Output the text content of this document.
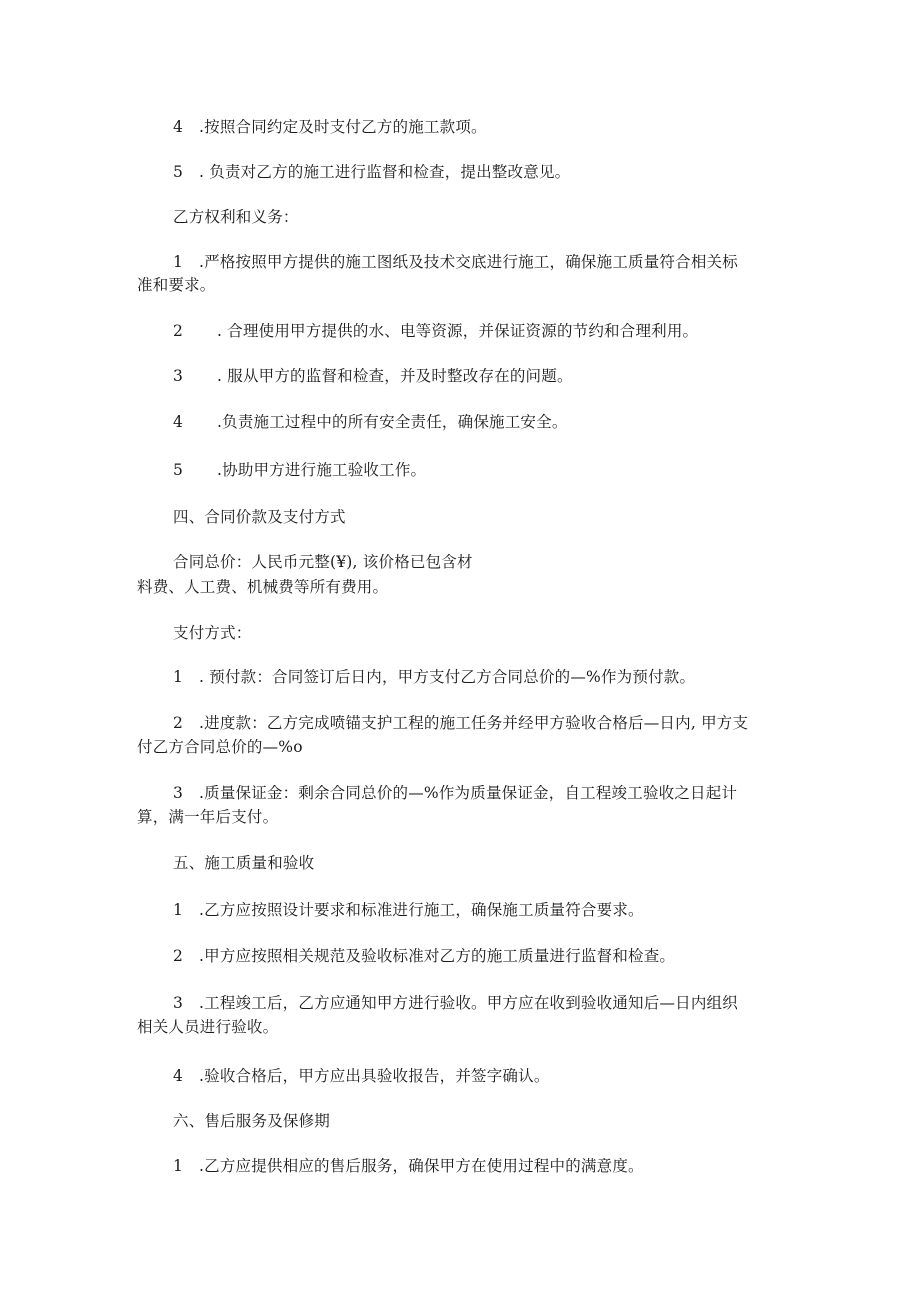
4 .按照合同约定及时支付乙方的施工款项。

5 . 负责对乙方的施工进行监督和检查，提出整改意见。

乙方权利和义务：

1 .严格按照甲方提供的施工图纸及技术交底进行施工，确保施工质量符合相关标

准和要求。

2 . 合理使用甲方提供的水、电等资源，并保证资源的节约和合理利用。

3 . 服从甲方的监督和检查，并及时整改存在的问题。

4 .负责施工过程中的所有安全责任，确保施工安全。

5 .协助甲方进行施工验收工作。

四、合同价款及支付方式

合同总价：人民币元整(¥), 该价格已包含材

料费、人工费、机械费等所有费用。

支付方式：

1 . 预付款：合同签订后日内，甲方支付乙方合同总价的—%作为预付款。

2 .进度款：乙方完成喷锚支护工程的施工任务并经甲方验收合格后—日内, 甲方支

付乙方合同总价的—%o

3 .质量保证金：剩余合同总价的—%作为质量保证金，自工程竣工验收之日起计

算，满一年后支付。

五、施工质量和验收

1 .乙方应按照设计要求和标准进行施工，确保施工质量符合要求。

2 .甲方应按照相关规范及验收标准对乙方的施工质量进行监督和检查。

3 .工程竣工后，乙方应通知甲方进行验收。甲方应在收到验收通知后—日内组织

相关人员进行验收。

4 .验收合格后，甲方应出具验收报告，并签字确认。

六、售后服务及保修期

1 .乙方应提供相应的售后服务，确保甲方在使用过程中的满意度。
